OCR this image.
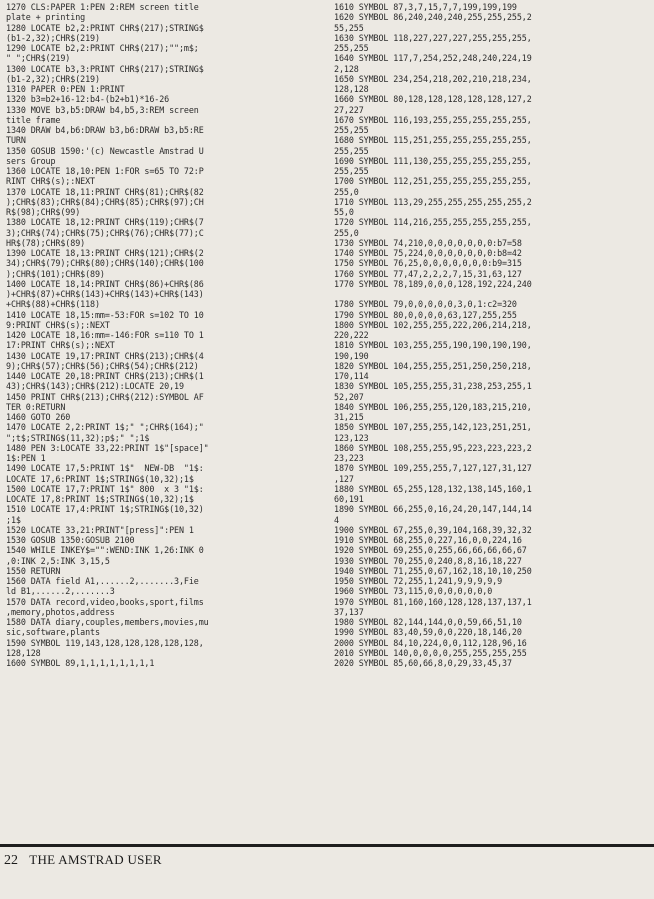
1270 CLS:PAPER 1:PEN 2:REM screen title
plate + printing
1280 LOCATE b2,2:PRINT CHR$(217);STRING$
(b1-2,32);CHR$(219)
1290 LOCATE b2,2:PRINT CHR$(217);"";m$;
" ";CHR$(219)
1300 LOCATE b3,3:PRINT CHR$(217);STRING$
(b1-2,32);CHR$(219)
1310 PAPER 0:PEN 1:PRINT
1320 b3=b2+16-12:b4-(b2+b1)*16-26
1330 MOVE b3,b5:DRAW b4,b5,3:REM screen
title frame
1340 DRAW b4,b6:DRAW b3,b6:DRAW b3,b5:RE
TURN
1350 GOSUB 1590:'(c) Newcastle Amstrad U
sers Group
1360 LOCATE 18,10:PEN 1:FOR s=65 TO 72:P
RINT CHR$(s);:NEXT
1370 LOCATE 18,11:PRINT CHR$(81);CHR$(82
);CHR$(83);CHR$(84);CHR$(85);CHR$(97);CH
R$(98);CHR$(99)
1380 LOCATE 18,12:PRINT CHR$(119);CHR$(7
3);CHR$(74);CHR$(75);CHR$(76);CHR$(77);C
HR$(78);CHR$(89)
1390 LOCATE 18,13:PRINT CHR$(121);CHR$(2
34);CHR$(79);CHR$(80);CHR$(140);CHR$(100
);CHR$(101);CHR$(89)
1400 LOCATE 18,14:PRINT CHR$(86)+CHR$(86
)+CHR$(87)+CHR$(143)+CHR$(143)+CHR$(143)
+CHR$(88)+CHR$(118)
1410 LOCATE 18,15:mm=-53:FOR s=102 TO 10
9:PRINT CHR$(s);:NEXT
1420 LOCATE 18,16:mm=-146:FOR s=110 TO 1
17:PRINT CHR$(s);:NEXT
1430 LOCATE 19,17:PRINT CHR$(213);CHR$(4
9);CHR$(57);CHR$(56);CHR$(54);CHR$(212)
1440 LOCATE 20,18:PRINT CHR$(213);CHR$(1
43);CHR$(143);CHR$(212):LOCATE 20,19
1450 PRINT CHR$(213);CHR$(212):SYMBOL AF
TER 0:RETURN
1460 GOTO 260
1470 LOCATE 2,2:PRINT 1$;" ";CHR$(164);"
";t$;STRING$(11,32);p$;" ";1$
1480 PEN 3:LOCATE 33,22:PRINT 1$"[space]"
1$:PEN 1
1490 LOCATE 17,5:PRINT 1$"  NEW-DB  "1$:
LOCATE 17,6:PRINT 1$;STRING$(10,32);1$
1500 LOCATE 17,7:PRINT 1$" 800  x 3 "1$:
LOCATE 17,8:PRINT 1$;STRING$(10,32);1$
1510 LOCATE 17,4:PRINT 1$;STRING$(10,32)
;1$
1520 LOCATE 33,21:PRINT"[press]":PEN 1
1530 GOSUB 1350:GOSUB 2100
1540 WHILE INKEY$="":WEND:INK 1,26:INK 0
,0:INK 2,5:INK 3,15,5
1550 RETURN
1560 DATA field A1,......2,.......3,Fie
ld B1,......2,.......3
1570 DATA record,video,books,sport,films
,memory,photos,address
1580 DATA diary,couples,members,movies,mu
sic,software,plants
1590 SYMBOL 119,143,128,128,128,128,128,
128,128
1600 SYMBOL 89,1,1,1,1,1,1,1,1
1610 SYMBOL 87,3,7,15,7,7,199,199,199
1620 SYMBOL 86,240,240,240,255,255,255,2
55,255
1630 SYMBOL 118,227,227,227,255,255,255,
255,255
1640 SYMBOL 117,7,254,252,248,240,224,19
2,128
1650 SYMBOL 234,254,218,202,210,218,234,
128,128
1660 SYMBOL 80,128,128,128,128,128,127,2
27,227
1670 SYMBOL 116,193,255,255,255,255,255,
255,255
1680 SYMBOL 115,251,255,255,255,255,255,
255,255
1690 SYMBOL 111,130,255,255,255,255,255,
255,255
1700 SYMBOL 112,251,255,255,255,255,255,
255,0
1710 SYMBOL 113,29,255,255,255,255,255,2
55,0
1720 SYMBOL 114,216,255,255,255,255,255,
255,0
1730 SYMBOL 74,210,0,0,0,0,0,0,0:b7=58
1740 SYMBOL 75,224,0,0,0,0,0,0,0:b8=42
1750 SYMBOL 76,25,0,0,0,0,0,0,0:b9=315
1760 SYMBOL 77,47,2,2,2,7,15,31,63,127
1770 SYMBOL 78,189,0,0,0,128,192,224,240

1780 SYMBOL 79,0,0,0,0,0,3,0,1:c2=320
1790 SYMBOL 80,0,0,0,0,63,127,255,255
1800 SYMBOL 102,255,255,222,206,214,218,
220,222
1810 SYMBOL 103,255,255,190,190,190,190,
190,190
1820 SYMBOL 104,255,255,251,250,250,218,
170,114
1830 SYMBOL 105,255,255,31,238,253,255,1
52,207
1840 SYMBOL 106,255,255,120,183,215,210,
31,215
1850 SYMBOL 107,255,255,142,123,251,251,
123,123
1860 SYMBOL 108,255,255,95,223,223,223,2
23,223
1870 SYMBOL 109,255,255,7,127,127,31,127
,127
1880 SYMBOL 65,255,128,132,138,145,160,1
60,191
1890 SYMBOL 66,255,0,16,24,20,147,144,14
4
1900 SYMBOL 67,255,0,39,104,168,39,32,32
1910 SYMBOL 68,255,0,227,16,0,0,224,16
1920 SYMBOL 69,255,0,255,66,66,66,66,67
1930 SYMBOL 70,255,0,240,8,8,16,18,227
1940 SYMBOL 71,255,0,67,162,18,10,10,250
1950 SYMBOL 72,255,1,241,9,9,9,9,9
1960 SYMBOL 73,115,0,0,0,0,0,0,0
1970 SYMBOL 81,160,160,128,128,137,137,1
37,137
1980 SYMBOL 82,144,144,0,0,59,66,51,10
1990 SYMBOL 83,40,59,0,0,220,18,146,20
2000 SYMBOL 84,10,224,0,0,112,128,96,16
2010 SYMBOL 140,0,0,0,0,255,255,255,255
2020 SYMBOL 85,60,66,8,0,29,33,45,37
22 THE AMSTRAD USER
